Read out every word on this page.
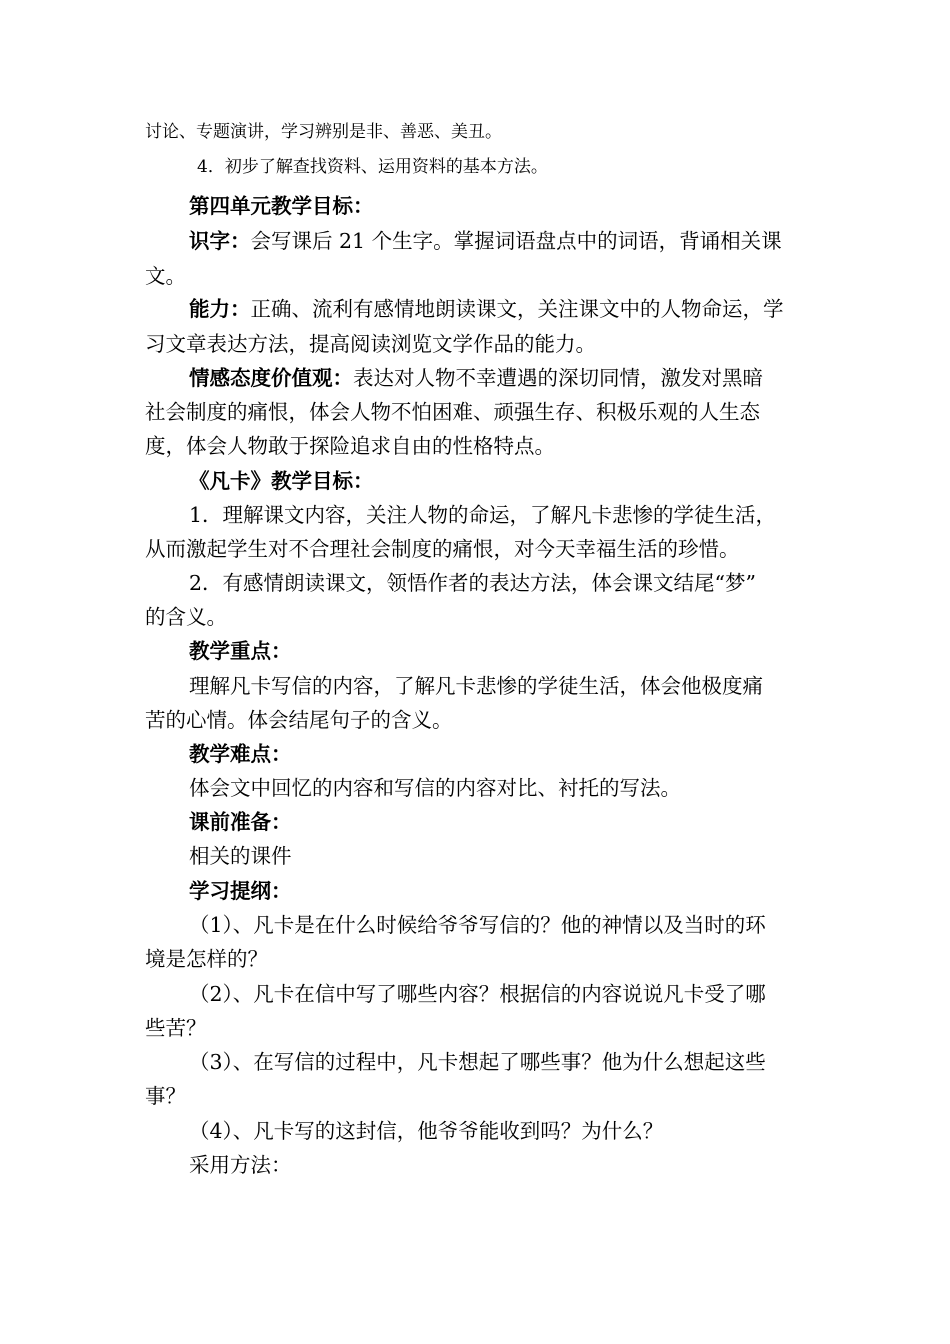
讨论、专题演讲，学习辨别是非、善恶、美丑。
4．初步了解查找资料、运用资料的基本方法。
第四单元教学目标：
识字：会写课后 21 个生字。掌握词语盘点中的词语，背诵相关课
文。
能力：正确、流利有感情地朗读课文，关注课文中的人物命运，学
习文章表达方法，提高阅读浏览文学作品的能力。
情感态度价值观：表达对人物不幸遭遇的深切同情，激发对黑暗
社会制度的痛恨，体会人物不怕困难、顽强生存、积极乐观的人生态
度，体会人物敢于探险追求自由的性格特点。
《凡卡》教学目标：
1．理解课文内容，关注人物的命运，了解凡卡悲惨的学徒生活，
从而激起学生对不合理社会制度的痛恨，对今天幸福生活的珍惜。
2．有感情朗读课文，领悟作者的表达方法，体会课文结尾“梦”
的含义。
教学重点：
理解凡卡写信的内容，了解凡卡悲惨的学徒生活，体会他极度痛
苦的心情。体会结尾句子的含义。
教学难点：
体会文中回忆的内容和写信的内容对比、衬托的写法。
课前准备：
相关的课件
学习提纲：
（1）、凡卡是在什么时候给爷爷写信的？他的神情以及当时的环
境是怎样的？
（2）、凡卡在信中写了哪些内容？根据信的内容说说凡卡受了哪
些苦？
（3）、在写信的过程中，凡卡想起了哪些事？他为什么想起这些
事？
（4）、凡卡写的这封信，他爷爷能收到吗？为什么？
采用方法：
